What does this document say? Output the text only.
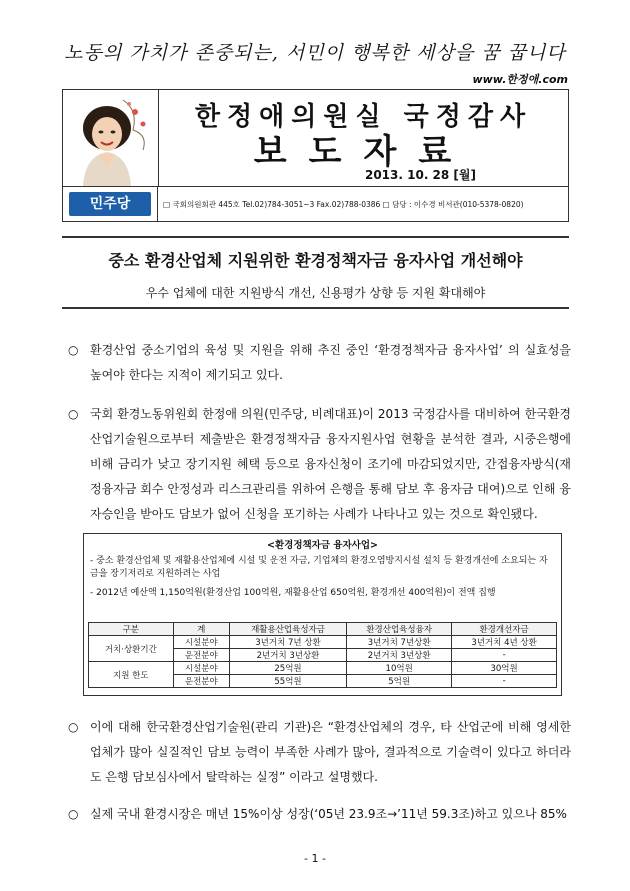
노동의 가치가 존중되는, 서민이 행복한 세상을 꿈 꿉니다
www.한정애.com
한정애의원실 국정감사
보도자료
2013. 10. 28 [월]
민주당	□ 국회의원회관 445호 Tel.02)784-3051~3 Fax.02)788-0386 □ 담당 : 이수경 비서관(010-5378-0820)
중소 환경산업체 지원위한 환경정책자금 융자사업 개선해야
우수 업체에 대한 지원방식 개선, 신용평가 상향 등 지원 확대해야
○ 환경산업 중소기업의 육성 및 지원을 위해 추진 중인 ‘환경정책자금 융자사업’ 의 실효성을 높여야 한다는 지적이 제기되고 있다.
○ 국회 환경노동위원회 한정애 의원(민주당, 비례대표)이 2013 국정감사를 대비하여 한국환경산업기술원으로부터 제출받은 환경정책자금 융자지원사업 현황을 분석한 결과, 시중은행에 비해 금리가 낮고 장기지원 혜택 등으로 융자신청이 조기에 마감되었지만, 간접융자방식(재정융자금 회수 안정성과 리스크관리를 위하여 은행을 통해 담보 후 융자금 대여)으로 인해 융자승인을 받아도 담보가 없어 신청을 포기하는 사례가 나타나고 있는 것으로 확인됐다.
<환경정책자금 융자사업>
- 중소 환경산업체 및 재활용산업체에 시설 및 운전 자금, 기업체의 환경오염방지시설 설치 등 환경개선에 소요되는 자금을 장기저리로 지원하려는 사업
- 2012년 예산액 1,150억원(환경산업 100억원, 재활용산업 650억원, 환경개선 400억원)이 전액 집행
구분	계	재활용산업육성자금	환경산업육성융자	환경개선자금
거치·상환기간	시설분야	3년거치 7년 상환	3년거치 7년상환	3년거치 4년 상환
	운전분야	2년거치 3년상환	2년거치 3년상환	-
지원 한도	시설분야	25억원	10억원	30억원
	운전분야	55억원	5억원	-
○ 이에 대해 한국환경산업기술원(관리 기관)은 “환경산업체의 경우, 타 산업군에 비해 영세한 업체가 많아 실질적인 담보 능력이 부족한 사례가 많아, 결과적으로 기술력이 있다고 하더라도 은행 담보심사에서 탈락하는 실정” 이라고 설명했다.
○ 실제 국내 환경시장은 매년 15%이상 성장(‘05년 23.9조→’11년 59.3조)하고 있으나 85%
- 1 -
